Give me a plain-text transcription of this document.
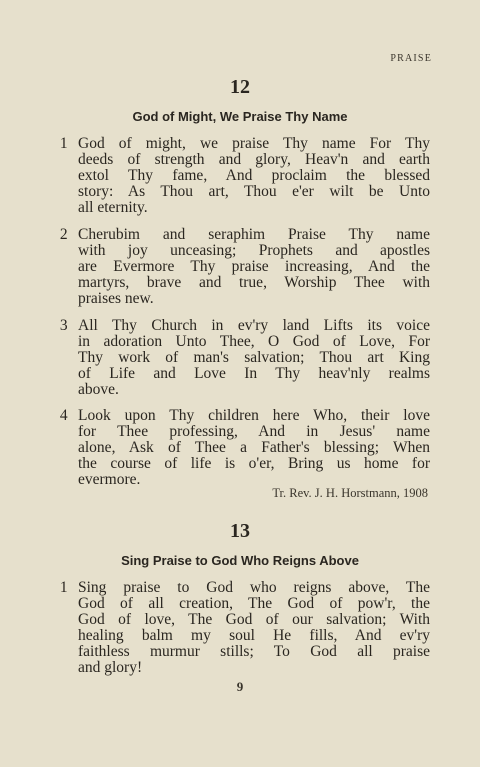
PRAISE
12
God of Might, We Praise Thy Name
1 God of might, we praise Thy name For Thy
deeds of strength and glory, Heav'n and earth
extol Thy fame, And proclaim the blessed
story: As Thou art, Thou e'er wilt be Unto
all eternity.
2 Cherubim and seraphim Praise Thy name
with joy unceasing; Prophets and apostles
are Evermore Thy praise increasing, And the
martyrs, brave and true, Worship Thee with
praises new.
3 All Thy Church in ev'ry land Lifts its voice
in adoration Unto Thee, O God of Love, For
Thy work of man's salvation; Thou art King
of Life and Love In Thy heav'nly realms
above.
4 Look upon Thy children here Who, their love
for Thee professing, And in Jesus' name
alone, Ask of Thee a Father's blessing; When
the course of life is o'er, Bring us home for
evermore.
Tr. Rev. J. H. Horstmann, 1908
13
Sing Praise to God Who Reigns Above
1 Sing praise to God who reigns above, The
God of all creation, The God of pow'r, the
God of love, The God of our salvation; With
healing balm my soul He fills, And ev'ry
faithless murmur stills; To God all praise
and glory!
9
